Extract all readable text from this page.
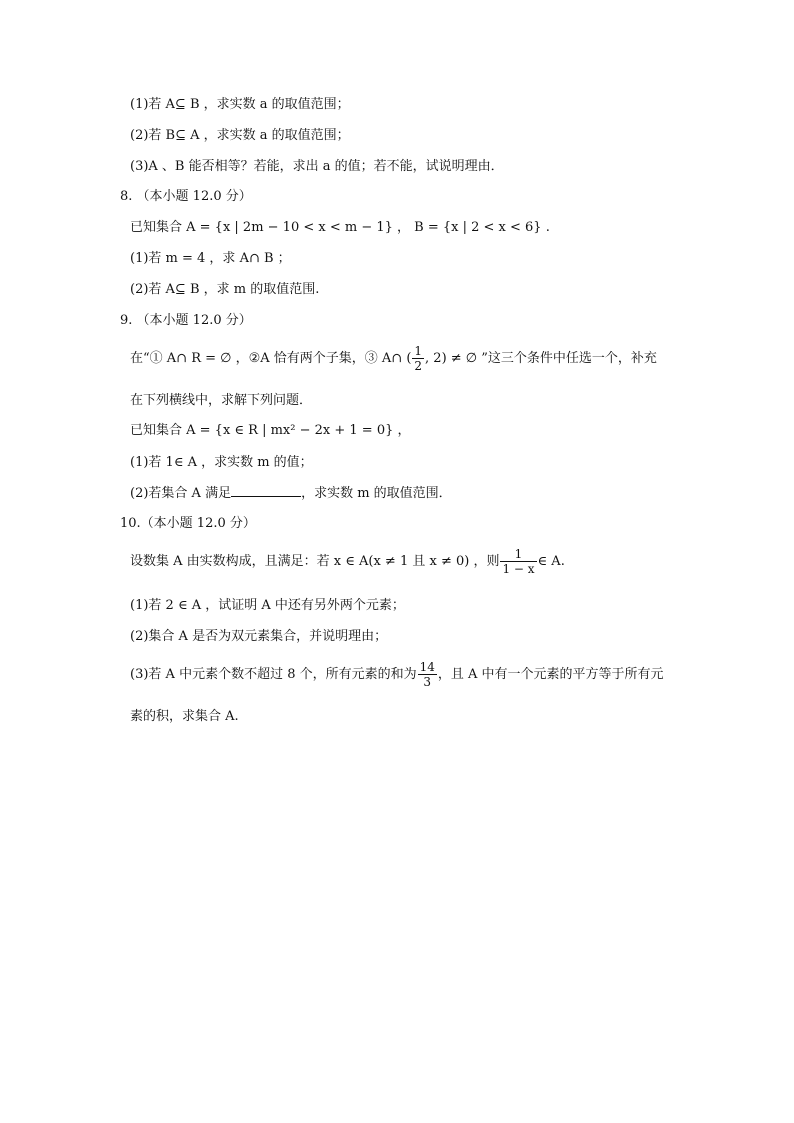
(1)若 A⊆ B ，求实数 a 的取值范围；
(2)若 B⊆ A ，求实数 a 的取值范围；
(3)A 、B 能否相等？若能，求出 a 的值；若不能，试说明理由．
8. （本小题 12.0 分）
已知集合 A = {x | 2m − 10 < x < m − 1} ， B = {x | 2 < x < 6} .
(1)若 m = 4 ，求 A∩ B ；
(2)若 A⊆ B ，求 m 的取值范围.
9. （本小题 12.0 分）
在“① A∩ R = ∅ ，②A 恰有两个子集，③ A∩ ( $\frac{1}{2}$ , 2) ≠ ∅ ”这三个条件中任选一个，补充
在下列横线中，求解下列问题．
已知集合 A = {x ∈ R | mx² − 2x + 1 = 0} ，
(1)若 1∈ A ，求实数 m 的值；
(2)若集合 A 满足	，求实数 m 的取值范围．
10.（本小题 12.0 分）
设数集 A 由实数构成，且满足：若 x ∈ A(x ≠ 1 且 x ≠ 0) ，则 $\frac{1}{1 - x}$ ∈ A.
(1)若 2 ∈ A ，试证明 A 中还有另外两个元素；
(2)集合 A 是否为双元素集合，并说明理由；
(3)若 A 中元素个数不超过 8 个，所有元素的和为 $\frac{14}{3}$ ，且 A 中有一个元素的平方等于所有元
素的积，求集合 A.
